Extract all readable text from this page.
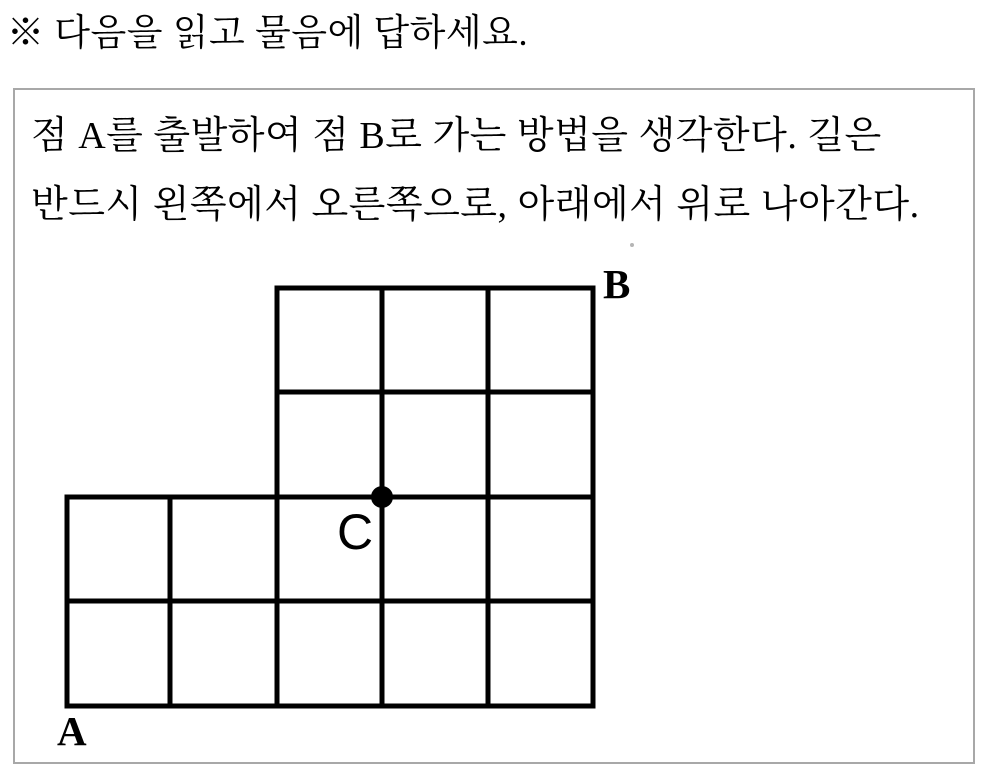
※ 다음을 읽고 물음에 답하세요.

점 A를 출발하여 점 B로 가는 방법을 생각한다. 길은

반드시 왼쪽에서 오른쪽으로, 아래에서 위로 나아간다.

A
B
C
